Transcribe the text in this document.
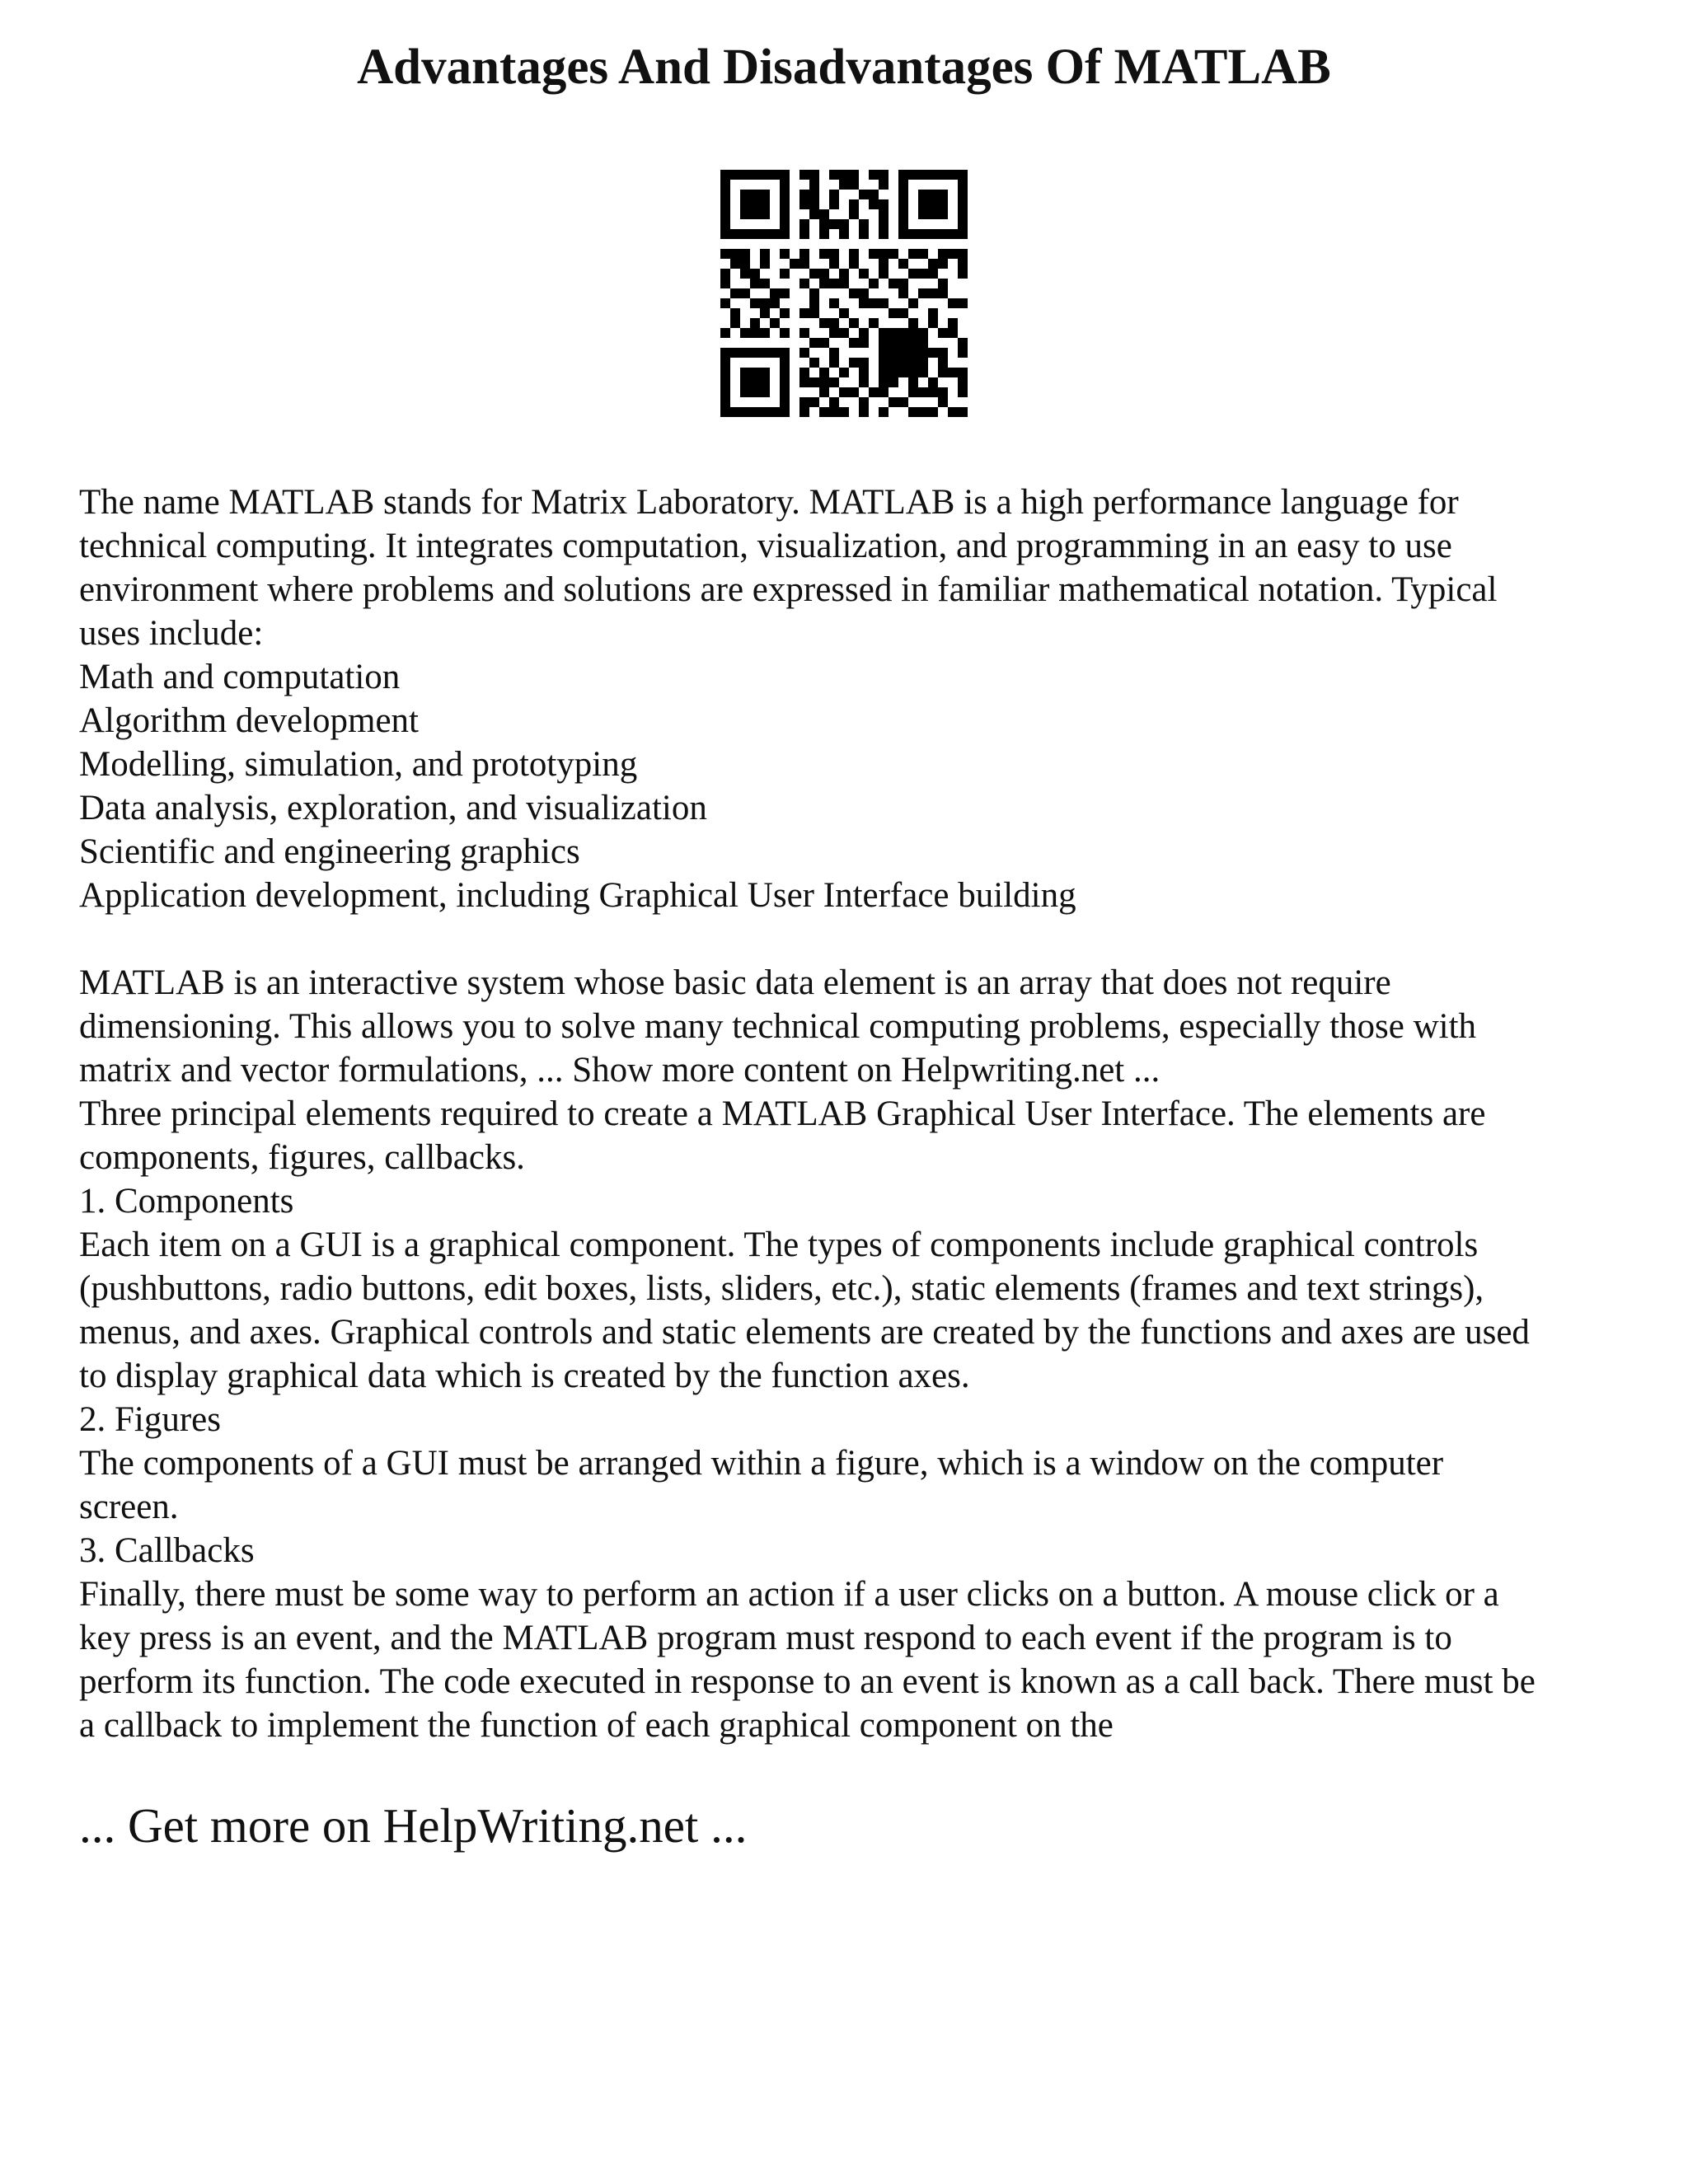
Advantages And Disadvantages Of MATLAB
The name MATLAB stands for Matrix Laboratory. MATLAB is a high performance language for
technical computing. It integrates computation, visualization, and programming in an easy to use
environment where problems and solutions are expressed in familiar mathematical notation. Typical
uses include:
Math and computation
Algorithm development
Modelling, simulation, and prototyping
Data analysis, exploration, and visualization
Scientific and engineering graphics
Application development, including Graphical User Interface building
MATLAB is an interactive system whose basic data element is an array that does not require
dimensioning. This allows you to solve many technical computing problems, especially those with
matrix and vector formulations, ... Show more content on Helpwriting.net ...
Three principal elements required to create a MATLAB Graphical User Interface. The elements are
components, figures, callbacks.
1. Components
Each item on a GUI is a graphical component. The types of components include graphical controls
(pushbuttons, radio buttons, edit boxes, lists, sliders, etc.), static elements (frames and text strings),
menus, and axes. Graphical controls and static elements are created by the functions and axes are used
to display graphical data which is created by the function axes.
2. Figures
The components of a GUI must be arranged within a figure, which is a window on the computer
screen.
3. Callbacks
Finally, there must be some way to perform an action if a user clicks on a button. A mouse click or a
key press is an event, and the MATLAB program must respond to each event if the program is to
perform its function. The code executed in response to an event is known as a call back. There must be
a callback to implement the function of each graphical component on the
... Get more on HelpWriting.net ...
